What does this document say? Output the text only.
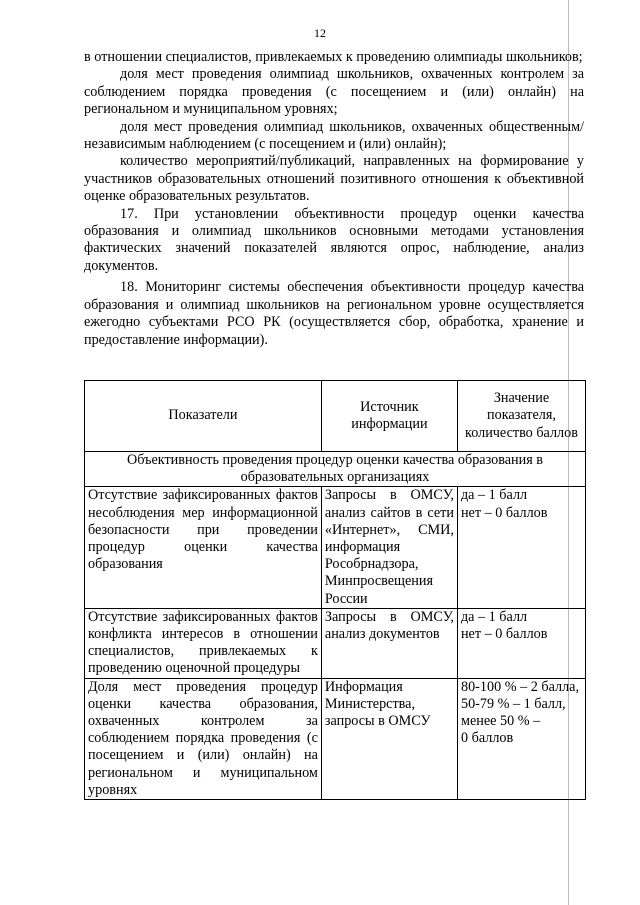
12

в отношении специалистов, привлекаемых к проведению олимпиады школьников;

доля мест проведения олимпиад школьников, охваченных контролем за соблюдением порядка проведения (с посещением и (или) онлайн) на региональном и муниципальном уровнях;

доля мест проведения олимпиад школьников, охваченных общественным/независимым наблюдением (с посещением и (или) онлайн);

количество мероприятий/публикаций, направленных на формирование у участников образовательных отношений позитивного отношения к объективной оценке образовательных результатов.

17. При установлении объективности процедур оценки качества образования и олимпиад школьников основными методами установления фактических значений показателей являются опрос, наблюдение, анализ документов.

18. Мониторинг системы обеспечения объективности процедур качества образования и олимпиад школьников на региональном уровне осуществляется ежегодно субъектами РСО РК (осуществляется сбор, обработка, хранение и предоставление информации).

Показатели	Источник информации	Значение показателя, количество баллов
Объективность проведения процедур оценки качества образования в образовательных организациях		
Отсутствие зафиксированных фактов несоблюдения мер информационной безопасности при проведении процедур оценки качества образования	Запросы в ОМСУ, анализ сайтов в сети «Интернет», СМИ, информация Рособрнадзора, Минпросвещения России	да – 1 балл
нет – 0 баллов

Отсутствие зафиксированных фактов конфликта интересов в отношении специалистов, привлекаемых к проведению оценочной процедуры	Запросы в ОМСУ, анализ документов	да – 1 балл
нет – 0 баллов

Доля мест проведения процедур оценки качества образования, охваченных контролем за соблюдением порядка проведения (с посещением и (или) онлайн) на региональном и муниципальном уровнях	Информация Министерства, запросы в ОМСУ	80-100 % – 2 балла,
50-79 % – 1 балл,
менее 50 % –
0 баллов
